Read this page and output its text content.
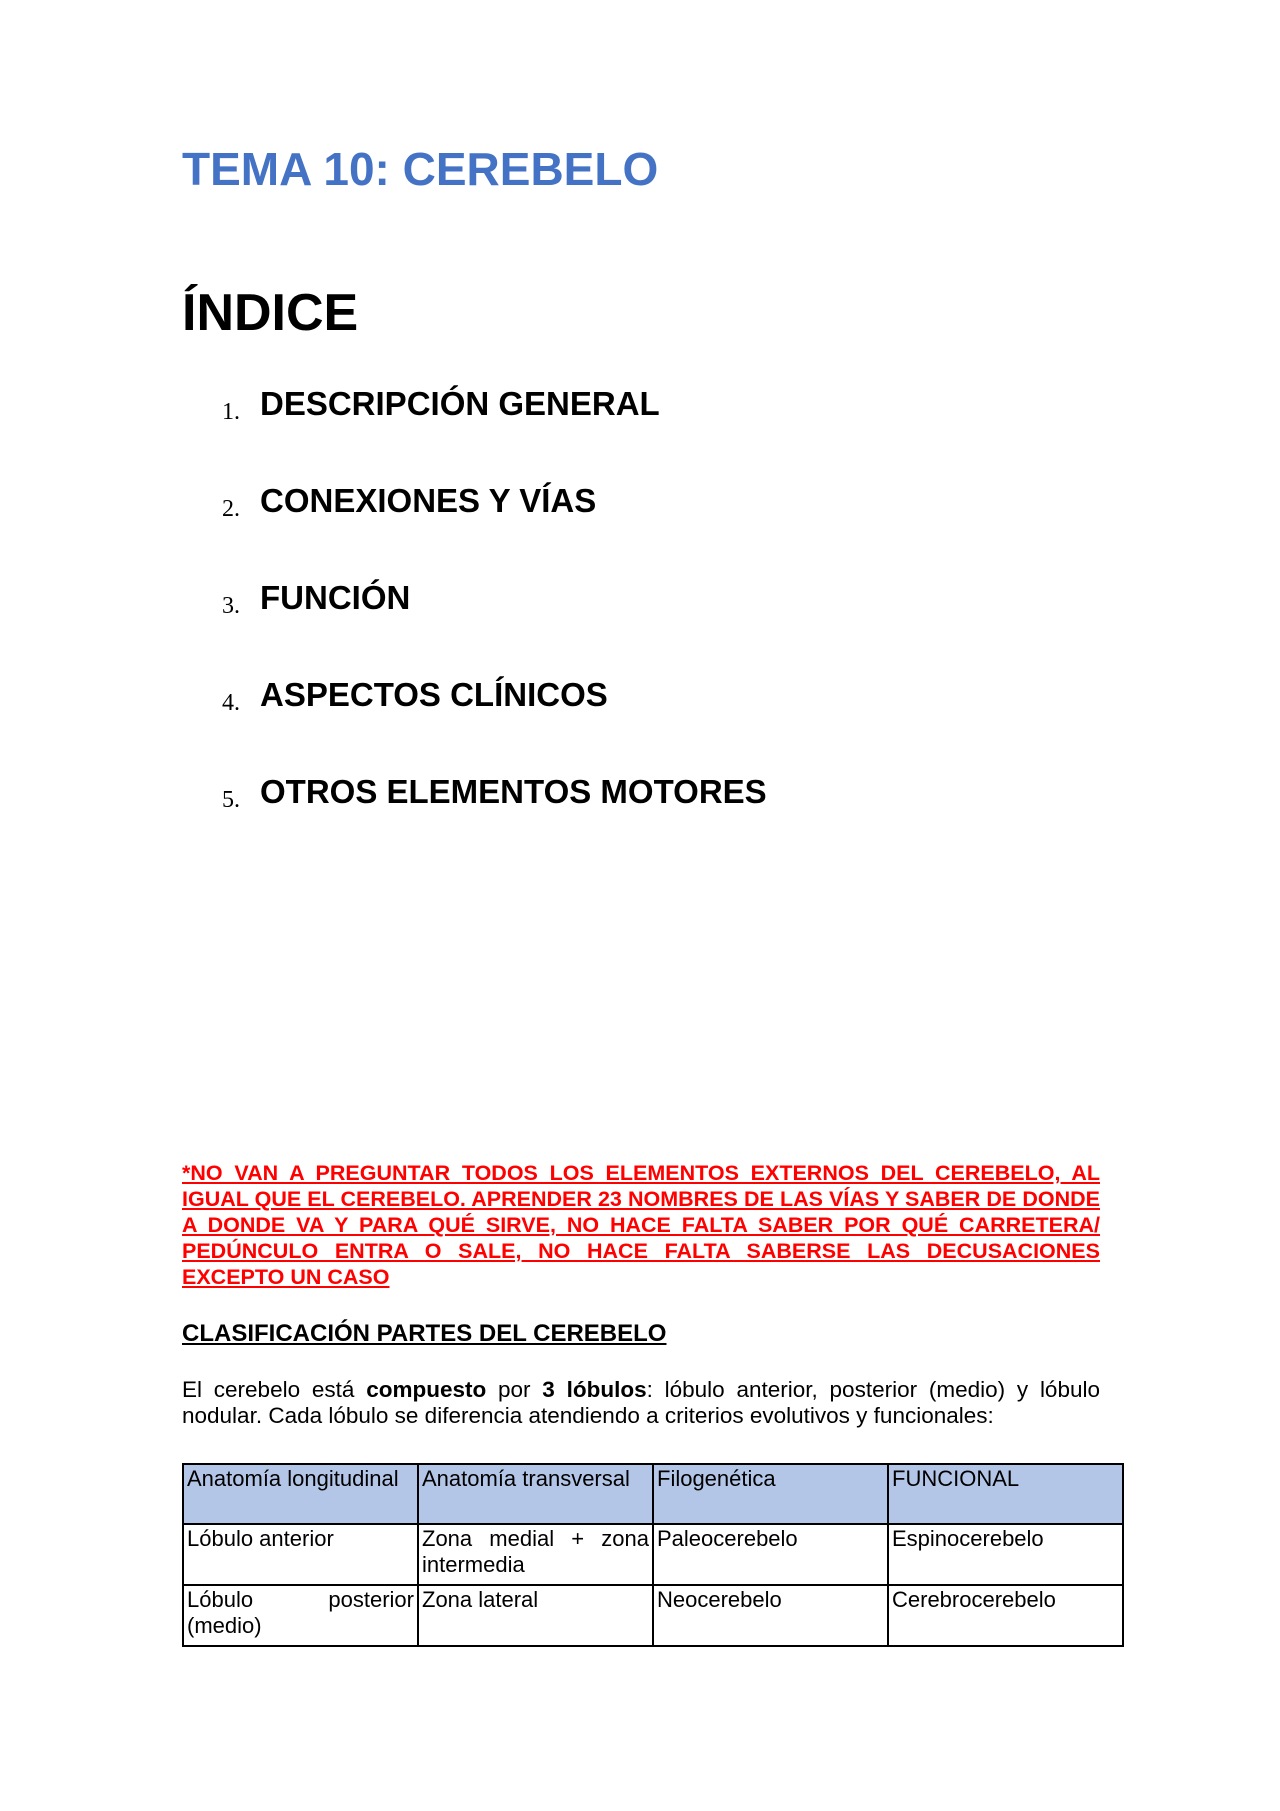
TEMA 10: CEREBELO
ÍNDICE
1. DESCRIPCIÓN GENERAL
2. CONEXIONES Y VÍAS
3. FUNCIÓN
4. ASPECTOS CLÍNICOS
5. OTROS ELEMENTOS MOTORES

*NO VAN A PREGUNTAR TODOS LOS ELEMENTOS EXTERNOS DEL CEREBELO, AL IGUAL QUE EL CEREBELO. APRENDER 23 NOMBRES DE LAS VÍAS Y SABER DE DONDE A DONDE VA Y PARA QUÉ SIRVE, NO HACE FALTA SABER POR QUÉ CARRETERA/ PEDÚNCULO ENTRA O SALE, NO HACE FALTA SABERSE LAS DECUSACIONES EXCEPTO UN CASO

CLASIFICACIÓN PARTES DEL CEREBELO

El cerebelo está compuesto por 3 lóbulos: lóbulo anterior, posterior (medio) y lóbulo nodular. Cada lóbulo se diferencia atendiendo a criterios evolutivos y funcionales:

Anatomía longitudinal	Anatomía transversal	Filogenética	FUNCIONAL
Lóbulo anterior	Zona medial + zona intermedia	Paleocerebelo	Espinocerebelo
Lóbulo posterior (medio)	Zona lateral	Neocerebelo	Cerebrocerebelo
